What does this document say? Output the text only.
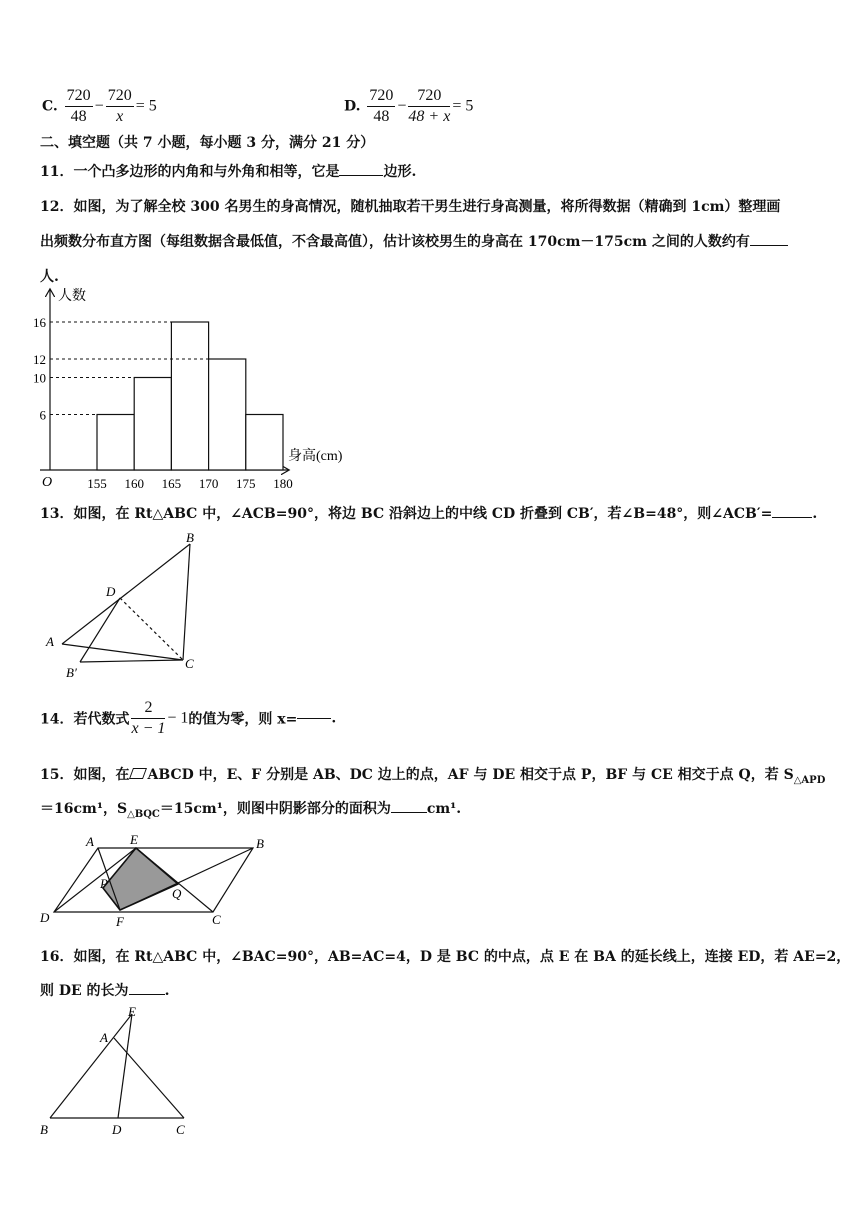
C. $\frac{720}{48} - \frac{720}{x} = 5$	D. $\frac{720}{48} - \frac{720}{48 + x} = 5$
二、填空题（共 7 小题，每小题 3 分，满分 21 分）
11．一个凸多边形的内角和与外角和相等，它是	边形.
12．如图，为了解全校 300 名男生的身高情况，随机抽取若干男生进行身高测量，将所得数据（精确到 1cm）整理画
出频数分布直方图（每组数据含最低值，不含最高值），估计该校男生的身高在 170cm－175cm 之间的人数约有
人.
6
10
12
16
155 160 165 170 175 180
人数
身高(cm)
O
13．如图，在 Rt△ABC 中，∠ACB=90°，将边 BC 沿斜边上的中线 CD 折叠到 CB′，若∠B=48°，则∠ACB′=	.
B
D
A
C
B′
14．若代数式 $\frac{2}{x - 1} - 1$的值为零，则 x= .
15．如图，在 ABCD 中，E、F 分别是 AB、DC 边上的点，AF 与 DE 相交于点 P，BF 与 CE 相交于点 Q，若 $S_{\triangle APD}$
＝16cm¹，$S_{\triangle BQC}=15cm^1$，则图中阴影部分的面积为	cm¹.
A	E	B
P
Q
D	F	C
16．如图，在 Rt△ABC 中，∠BAC=90°，AB=AC=4，D 是 BC 的中点，点 E 在 BA 的延长线上，连接 ED，若 AE=2，
则 DE 的长为	.
E
A
B	D	C
